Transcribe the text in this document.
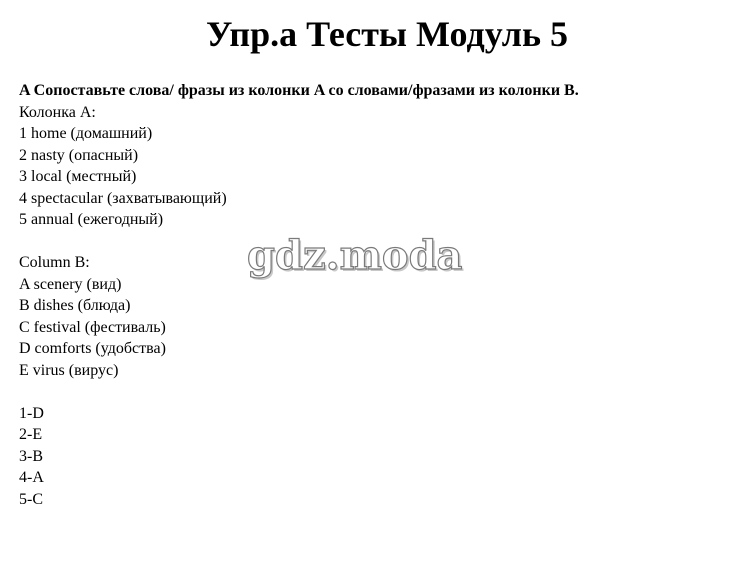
Упр.а Тесты Модуль 5
A Сопоставьте слова/ фразы из колонки A со словами/фразами из колонки B.
Колонка А:
1 home (домашний)
2 nasty (опасный)
3 local (местный)
4 spectacular (захватывающий)
5 annual (ежегодный)
Column B:
A scenery (вид)
B dishes (блюда)
C festival (фестиваль)
D comforts (удобства)
E virus (вирус)
1-D
2-E
3-B
4-A
5-C
gdz.moda
